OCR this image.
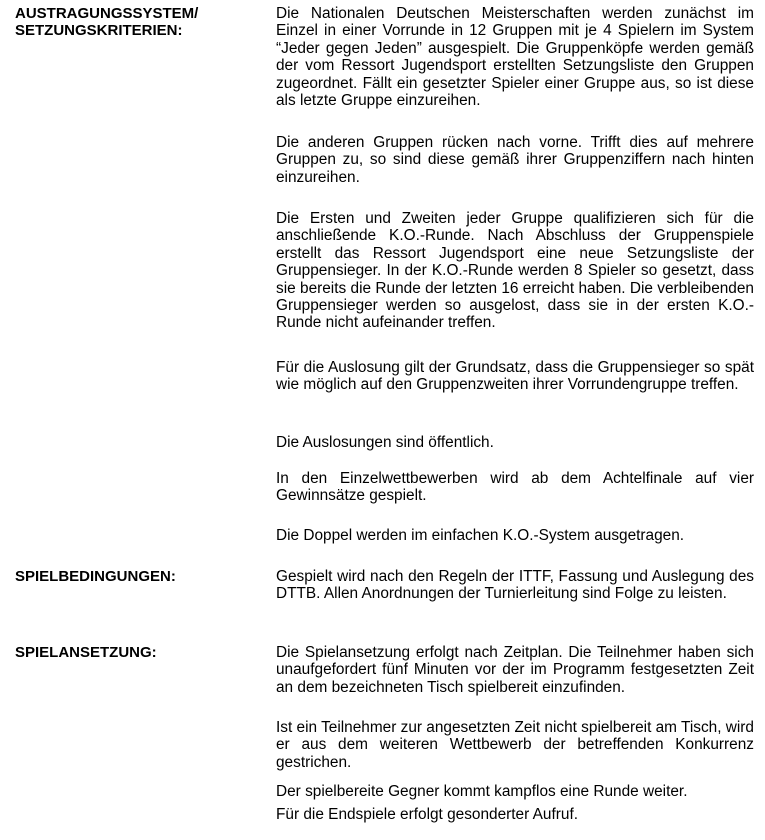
AUSTRAGUNGSSYSTEM/
SETZUNGSKRITERIEN:

Die Nationalen Deutschen Meisterschaften werden zunächst im Einzel in einer Vorrunde in 12 Gruppen mit je 4 Spielern im System “Jeder gegen Jeden” ausgespielt. Die Gruppenköpfe werden gemäß der vom Ressort Jugendsport erstellten Setzungsliste den Gruppen zugeordnet. Fällt ein gesetzter Spieler einer Gruppe aus, so ist diese als letzte Gruppe einzureihen.

Die anderen Gruppen rücken nach vorne. Trifft dies auf mehrere Gruppen zu, so sind diese gemäß ihrer Gruppenziffern nach hinten einzureihen.

Die Ersten und Zweiten jeder Gruppe qualifizieren sich für die anschließende K.O.-Runde. Nach Abschluss der Gruppenspiele erstellt das Ressort Jugendsport eine neue Setzungsliste der Gruppensieger. In der K.O.-Runde werden 8 Spieler so gesetzt, dass sie bereits die Runde der letzten 16 erreicht haben. Die verbleibenden Gruppensieger werden so ausgelost, dass sie in der ersten K.O.-Runde nicht aufeinander treffen.

Für die Auslosung gilt der Grundsatz, dass die Gruppensieger so spät wie möglich auf den Gruppenzweiten ihrer Vorrundengruppe treffen.

Die Auslosungen sind öffentlich.

In den Einzelwettbewerben wird ab dem Achtelfinale auf vier Gewinnsätze gespielt.

Die Doppel werden im einfachen K.O.-System ausgetragen.

SPIELBEDINGUNGEN:	Gespielt wird nach den Regeln der ITTF, Fassung und Auslegung des DTTB. Allen Anordnungen der Turnierleitung sind Folge zu leisten.

SPIELANSETZUNG:	Die Spielansetzung erfolgt nach Zeitplan. Die Teilnehmer haben sich unaufgefordert fünf Minuten vor der im Programm festgesetzten Zeit an dem bezeichneten Tisch spielbereit einzufinden.

Ist ein Teilnehmer zur angesetzten Zeit nicht spielbereit am Tisch, wird er aus dem weiteren Wettbewerb der betreffenden Konkurrenz gestrichen.

Der spielbereite Gegner kommt kampflos eine Runde weiter.

Für die Endspiele erfolgt gesonderter Aufruf.
